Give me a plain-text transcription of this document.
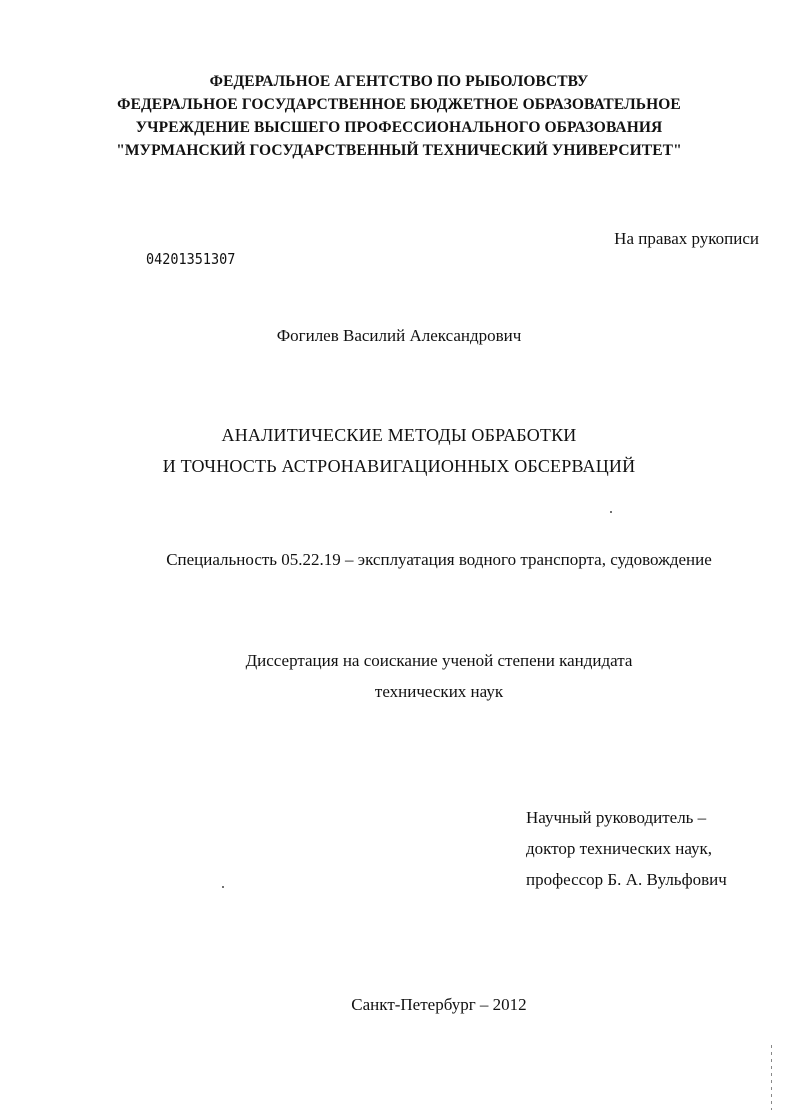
ФЕДЕРАЛЬНОЕ АГЕНТСТВО ПО РЫБОЛОВСТВУ
ФЕДЕРАЛЬНОЕ ГОСУДАРСТВЕННОЕ БЮДЖЕТНОЕ ОБРАЗОВАТЕЛЬНОЕ
УЧРЕЖДЕНИЕ ВЫСШЕГО ПРОФЕССИОНАЛЬНОГО ОБРАЗОВАНИЯ
"МУРМАНСКИЙ ГОСУДАРСТВЕННЫЙ ТЕХНИЧЕСКИЙ УНИВЕРСИТЕТ"
На правах рукописи
04201351307
Фогилев Василий Александрович
АНАЛИТИЧЕСКИЕ МЕТОДЫ ОБРАБОТКИ
И ТОЧНОСТЬ АСТРОНАВИГАЦИОННЫХ ОБСЕРВАЦИЙ
Специальность 05.22.19 – эксплуатация водного транспорта, судовождение
Диссертация на соискание ученой степени кандидата
технических наук
Научный руководитель –
доктор технических наук,
профессор Б. А. Вульфович
Санкт-Петербург – 2012
